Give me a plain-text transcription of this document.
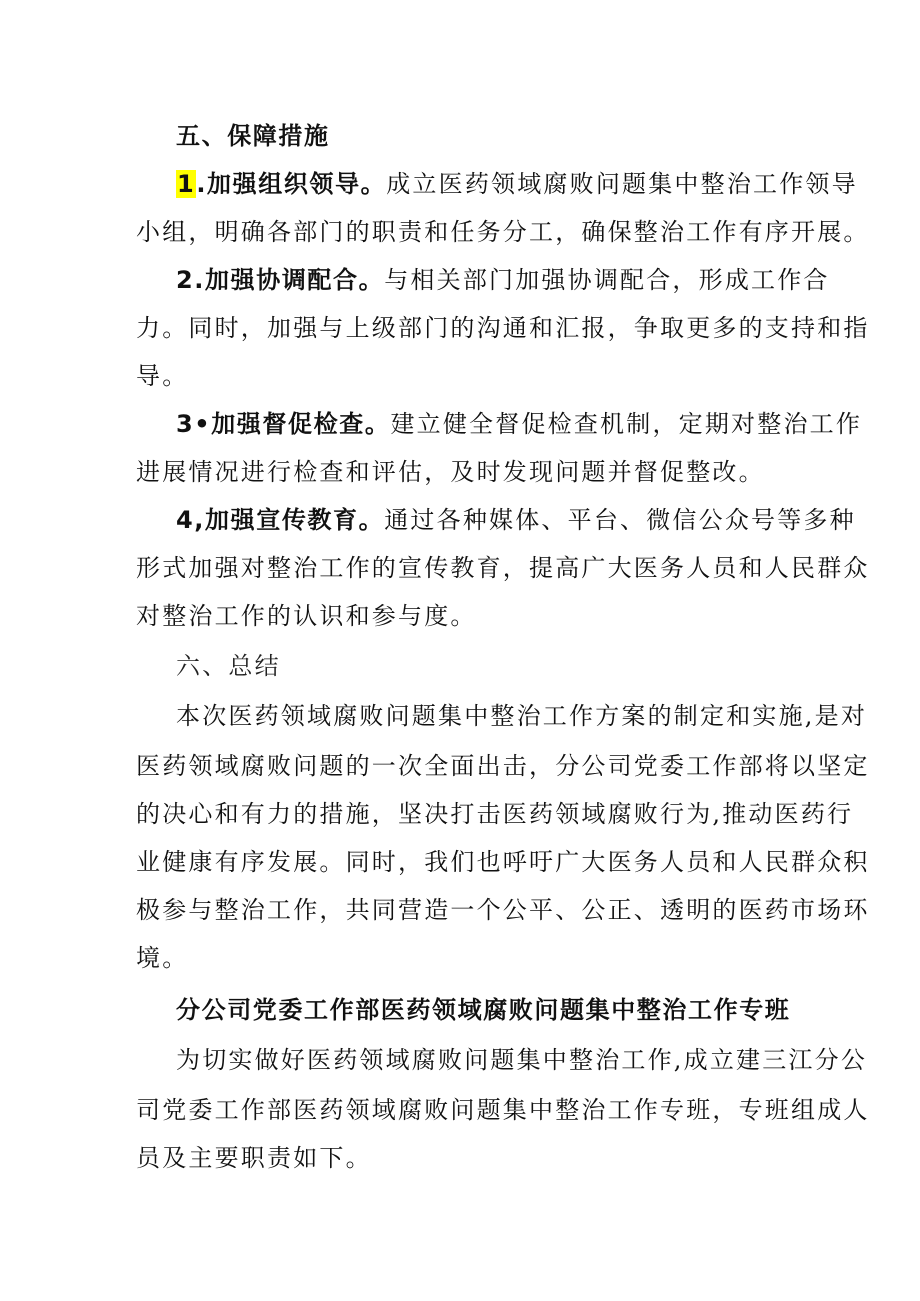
五、保障措施
1.加强组织领导。成立医药领域腐败问题集中整治工作领导
小组，明确各部门的职责和任务分工，确保整治工作有序开展。
2.加强协调配合。与相关部门加强协调配合，形成工作合
力。同时，加强与上级部门的沟通和汇报，争取更多的支持和指
导。
3•加强督促检查。建立健全督促检查机制，定期对整治工作
进展情况进行检查和评估，及时发现问题并督促整改。
4,加强宣传教育。通过各种媒体、平台、微信公众号等多种
形式加强对整治工作的宣传教育，提高广大医务人员和人民群众
对整治工作的认识和参与度。
六、总结
本次医药领域腐败问题集中整治工作方案的制定和实施,是对
医药领域腐败问题的一次全面出击，分公司党委工作部将以坚定
的决心和有力的措施，坚决打击医药领域腐败行为,推动医药行
业健康有序发展。同时，我们也呼吁广大医务人员和人民群众积
极参与整治工作，共同营造一个公平、公正、透明的医药市场环
境。
分公司党委工作部医药领域腐败问题集中整治工作专班
为切实做好医药领域腐败问题集中整治工作,成立建三江分公
司党委工作部医药领域腐败问题集中整治工作专班，专班组成人
员及主要职责如下。
